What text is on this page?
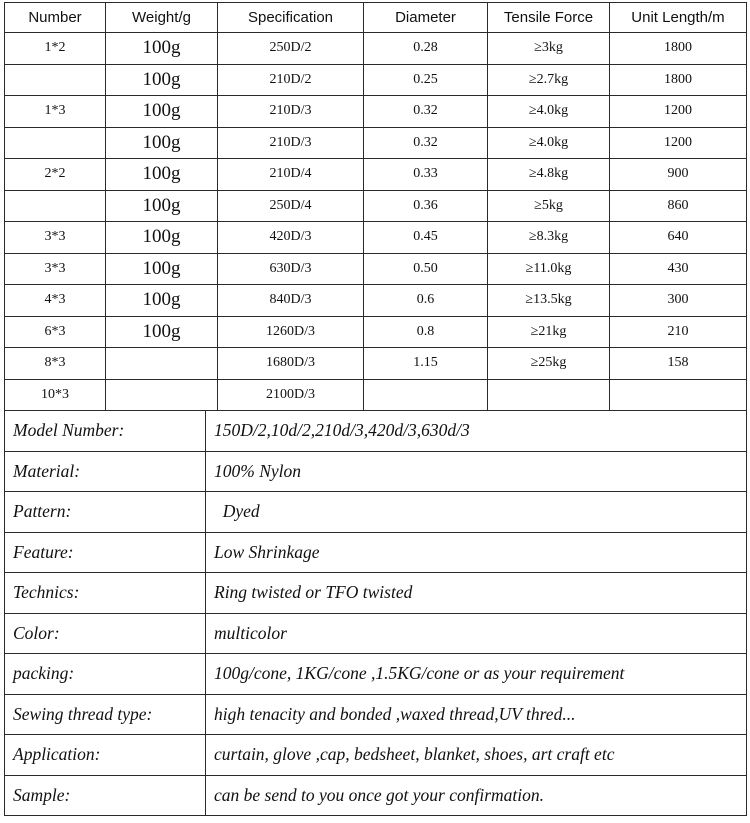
Number	Weight/g	Specification	Diameter	Tensile Force	Unit Length/m
1*2	100g	250D/2	0.28	≥3kg	1800
	100g	210D/2	0.25	≥2.7kg	1800
1*3	100g	210D/3	0.32	≥4.0kg	1200
	100g	210D/3	0.32	≥4.0kg	1200
2*2	100g	210D/4	0.33	≥4.8kg	900
	100g	250D/4	0.36	≥5kg	860
3*3	100g	420D/3	0.45	≥8.3kg	640
3*3	100g	630D/3	0.50	≥11.0kg	430
4*3	100g	840D/3	0.6	≥13.5kg	300
6*3	100g	1260D/3	0.8	≥21kg	210
8*3		1680D/3	1.15	≥25kg	158
10*3		2100D/3			
Model Number:	150D/2,10d/2,210d/3,420d/3,630d/3
Material:	100% Nylon
Pattern:	Dyed
Feature:	Low Shrinkage
Technics:	Ring twisted or TFO twisted
Color:	multicolor
packing:	100g/cone, 1KG/cone ,1.5KG/cone or as your requirement
Sewing thread type:	high tenacity and bonded ,waxed thread,UV thred...
Application:	curtain, glove ,cap, bedsheet, blanket, shoes, art craft etc
Sample:	can be send to you once got your confirmation.
